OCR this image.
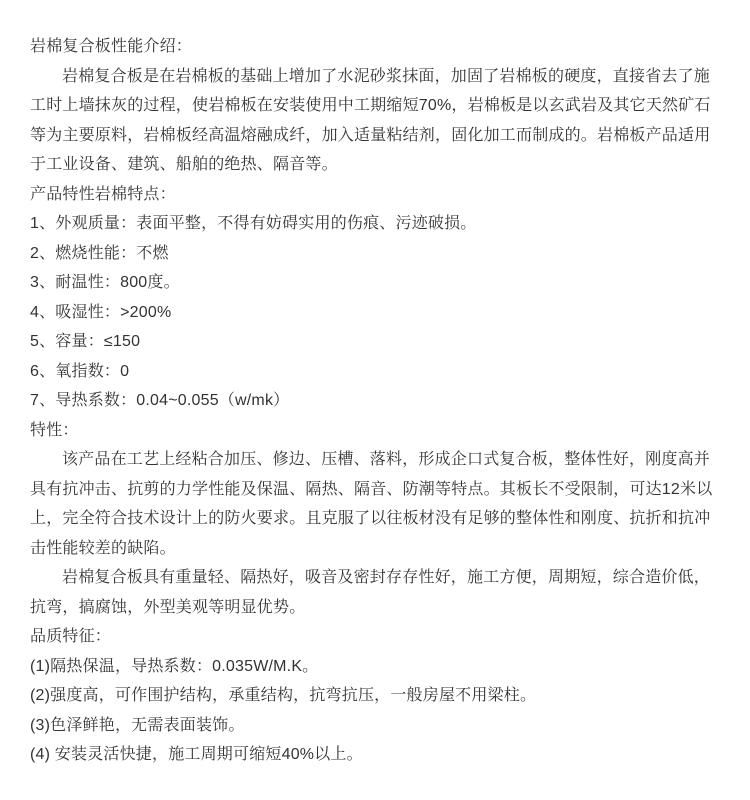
岩棉复合板性能介绍：

岩棉复合板是在岩棉板的基础上增加了水泥砂浆抹面，加固了岩棉板的硬度，直接省去了施工时上墙抹灰的过程，使岩棉板在安装使用中工期缩短70%，岩棉板是以玄武岩及其它天然矿石等为主要原料，岩棉板经高温熔融成纤，加入适量粘结剂，固化加工而制成的。岩棉板产品适用于工业设备、建筑、船舶的绝热、隔音等。

产品特性岩棉特点：

1、外观质量：表面平整，不得有妨碍实用的伤痕、污迹破损。

2、燃烧性能：不燃

3、耐温性：800度。

4、吸湿性：>200%

5、容量：≤150

6、氧指数：0

7、导热系数：0.04~0.055（w/mk）

特性：

该产品在工艺上经粘合加压、修边、压槽、落料，形成企口式复合板，整体性好，刚度高并具有抗冲击、抗剪的力学性能及保温、隔热、隔音、防潮等特点。其板长不受限制，可达12米以上，完全符合技术设计上的防火要求。且克服了以往板材没有足够的整体性和刚度、抗折和抗冲击性能较差的缺陷。

岩棉复合板具有重量轻、隔热好，吸音及密封存存性好，施工方便，周期短，综合造价低，抗弯，搞腐蚀，外型美观等明显优势。

品质特征：

(1)隔热保温，导热系数：0.035W/M.K。

(2)强度高，可作围护结构，承重结构，抗弯抗压，一般房屋不用梁柱。

(3)色泽鲜艳，无需表面装饰。

(4) 安装灵活快捷，施工周期可缩短40%以上。
